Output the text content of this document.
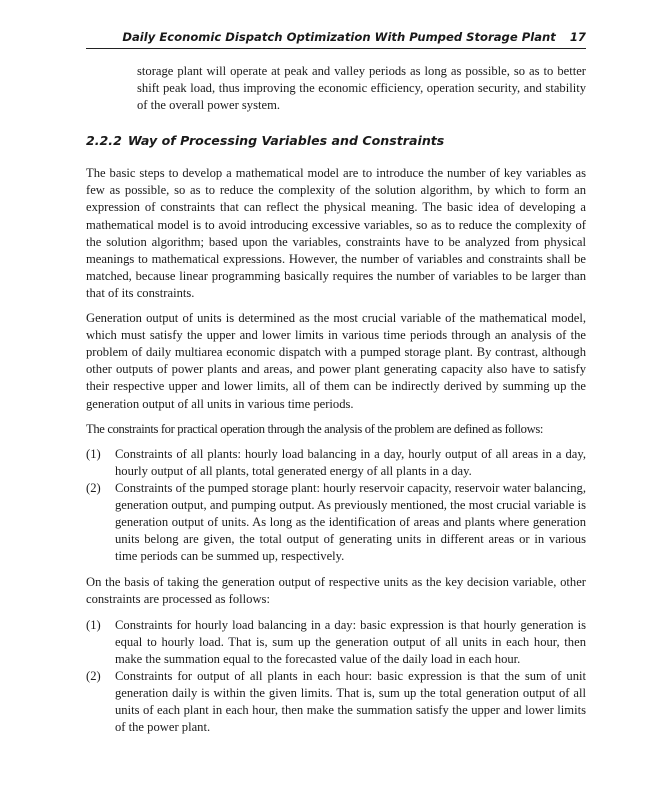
Daily Economic Dispatch Optimization With Pumped Storage Plant 17

storage plant will operate at peak and valley periods as long as possible, so as to better shift peak load, thus improving the economic efficiency, operation security, and stability of the overall power system.

2.2.2 Way of Processing Variables and Constraints

The basic steps to develop a mathematical model are to introduce the number of key variables as few as possible, so as to reduce the complexity of the solution algorithm, by which to form an expression of constraints that can reflect the physical meaning. The basic idea of developing a mathematical model is to avoid introducing excessive variables, so as to reduce the complexity of the solution algorithm; based upon the variables, constraints have to be analyzed from physical meanings to mathematical expressions. However, the number of variables and constraints shall be matched, because linear programming basically requires the number of variables to be larger than that of its constraints.

Generation output of units is determined as the most crucial variable of the mathematical model, which must satisfy the upper and lower limits in various time periods through an analysis of the problem of daily multiarea economic dispatch with a pumped storage plant. By contrast, although other outputs of power plants and areas, and power plant generating capacity also have to satisfy their respective upper and lower limits, all of them can be indirectly derived by summing up the generation output of all units in various time periods.

The constraints for practical operation through the analysis of the problem are defined as follows:

(1) Constraints of all plants: hourly load balancing in a day, hourly output of all areas in a day, hourly output of all plants, total generated energy of all plants in a day.

(2) Constraints of the pumped storage plant: hourly reservoir capacity, reservoir water balancing, generation output, and pumping output. As previously mentioned, the most crucial variable is generation output of units. As long as the identification of areas and plants where generation units belong are given, the total output of generating units in different areas or in various time periods can be summed up, respectively.

On the basis of taking the generation output of respective units as the key decision variable, other constraints are processed as follows:

(1) Constraints for hourly load balancing in a day: basic expression is that hourly generation is equal to hourly load. That is, sum up the generation output of all units in each hour, then make the summation equal to the forecasted value of the daily load in each hour.

(2) Constraints for output of all plants in each hour: basic expression is that the sum of unit generation daily is within the given limits. That is, sum up the total generation output of all units of each plant in each hour, then make the summation satisfy the upper and lower limits of the power plant.
